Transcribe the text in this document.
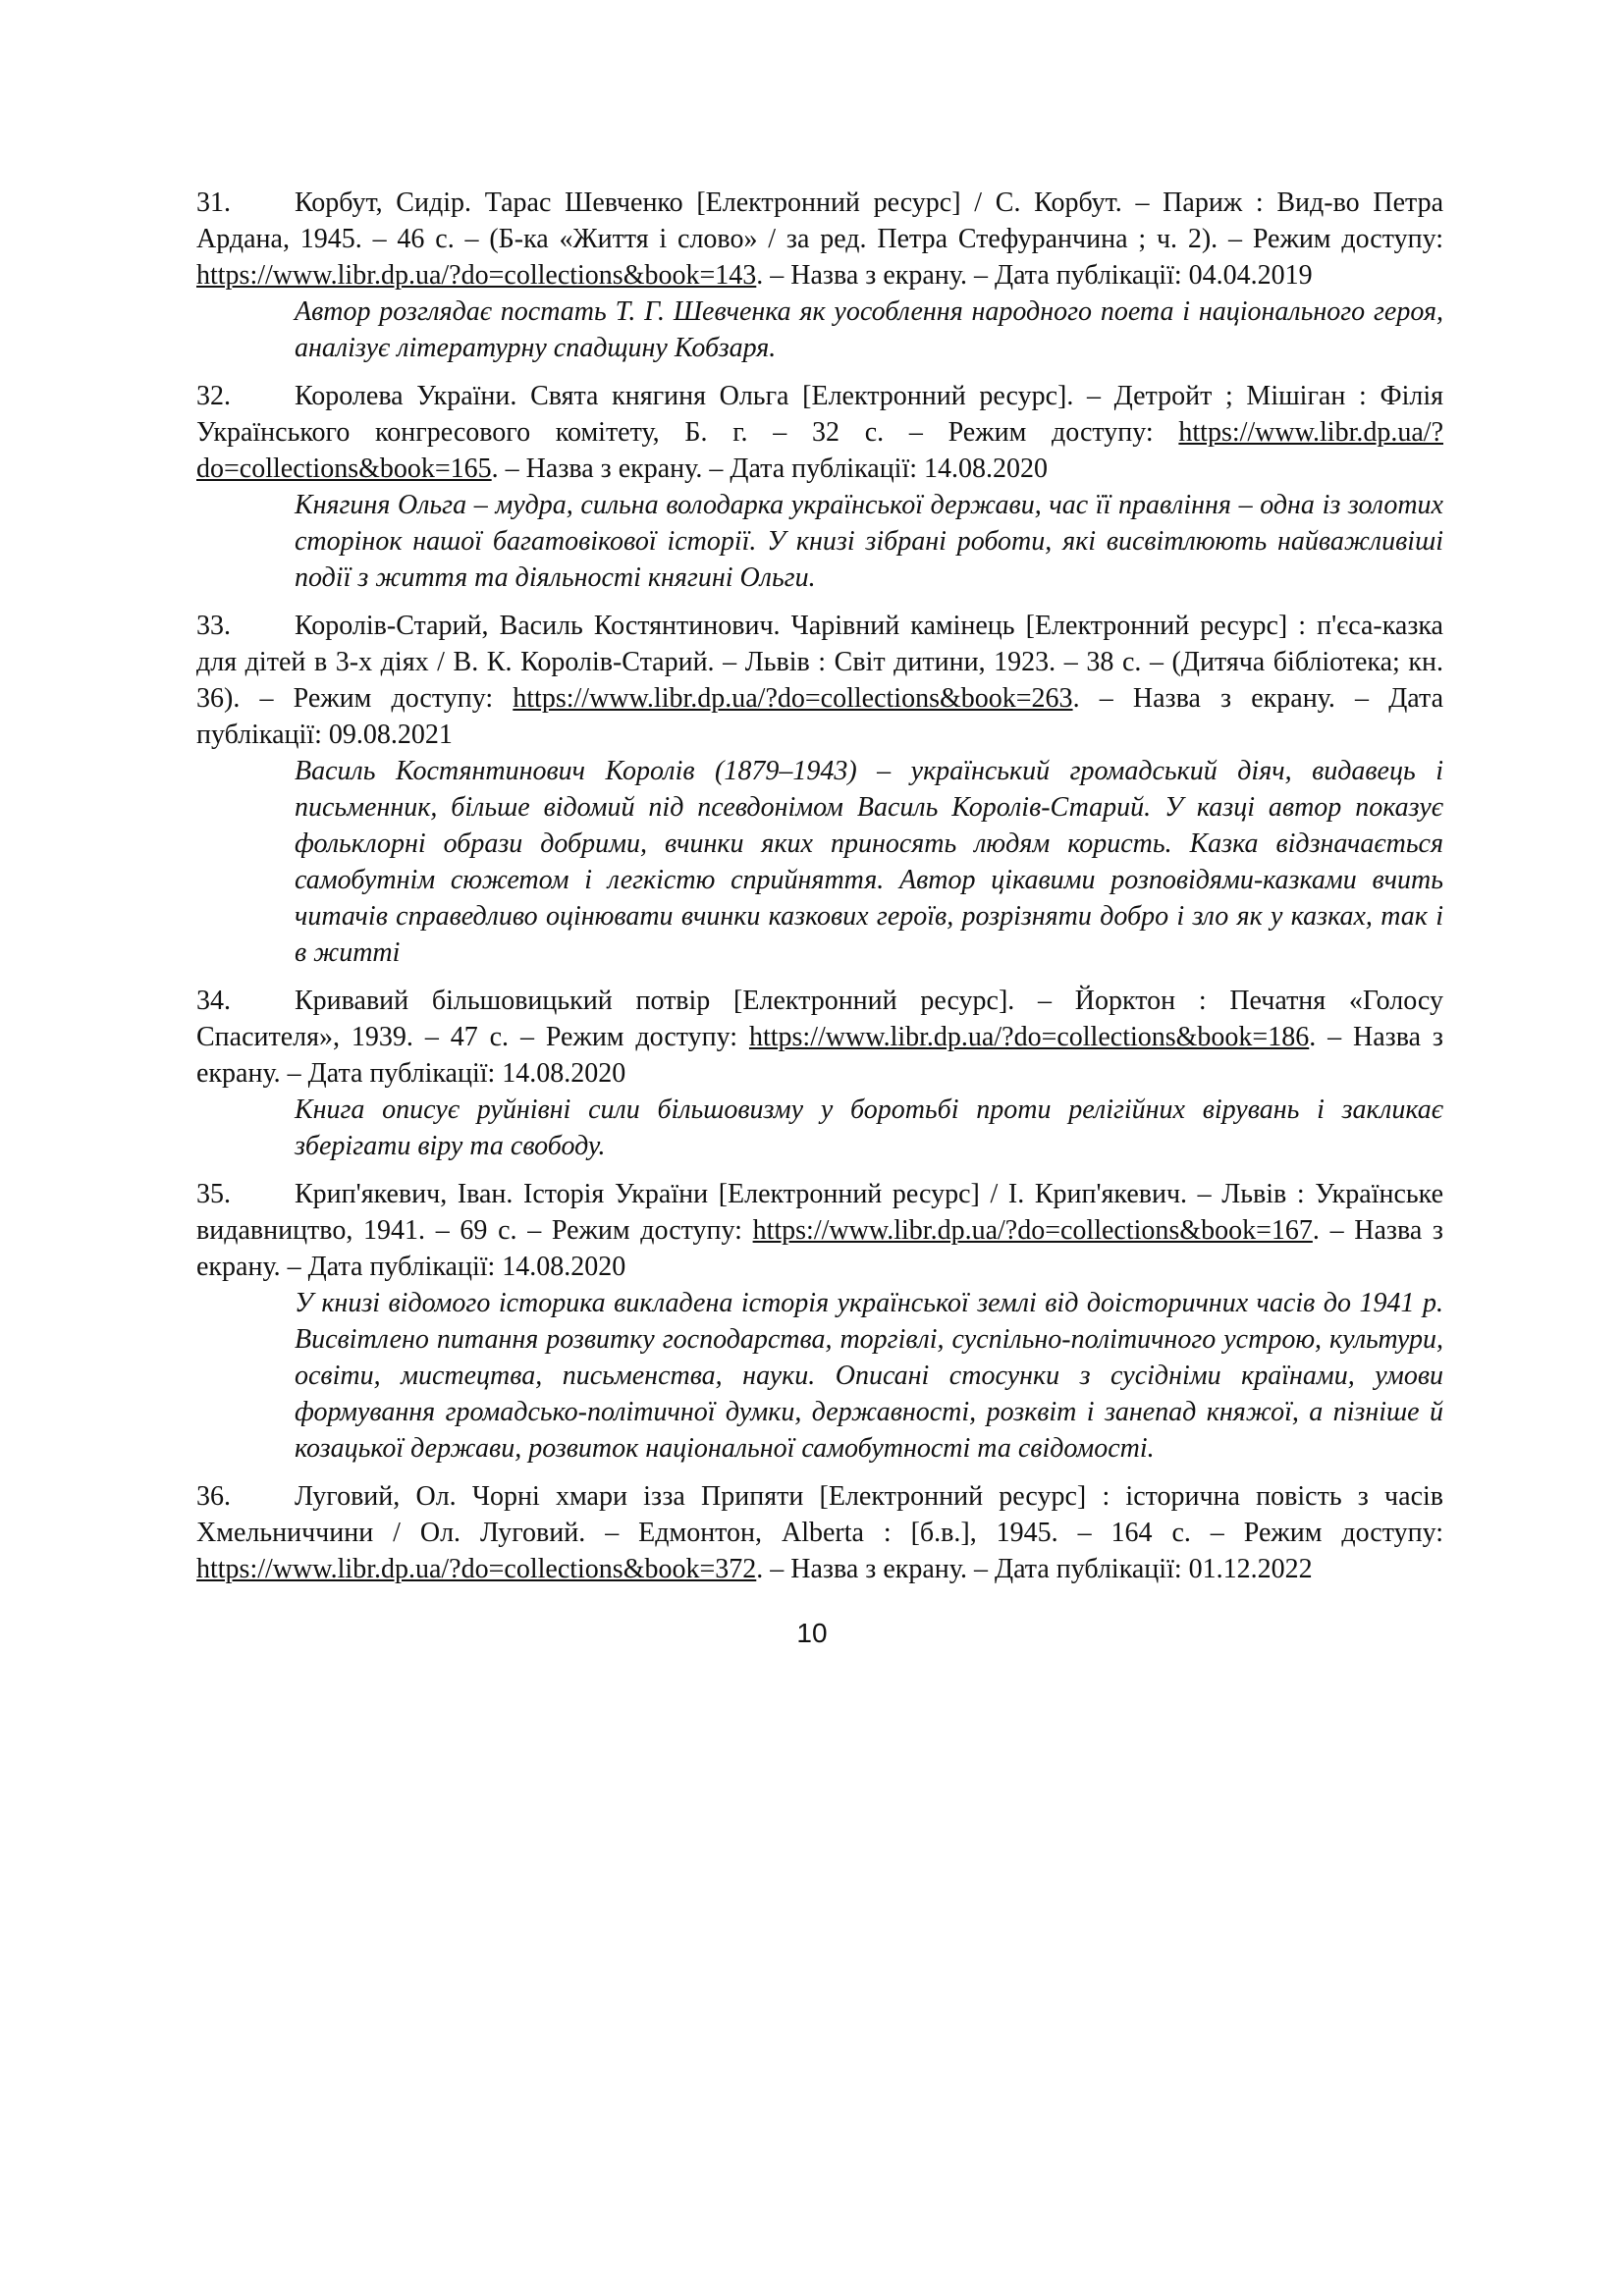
31. Корбут, Сидір. Тарас Шевченко [Електронний ресурс] / С. Корбут. – Париж : Вид-во Петра Ардана, 1945. – 46 с. – (Б-ка «Життя і слово» / за ред. Петра Стефуранчина ; ч. 2). – Режим доступу: https://www.libr.dp.ua/?do=collections&book=143. – Назва з екрану. – Дата публікації: 04.04.2019

Автор розглядає постать Т. Г. Шевченка як уособлення народного поета і національного героя, аналізує літературну спадщину Кобзаря.

32. Королева України. Свята княгиня Ольга [Електронний ресурс]. – Детройт ; Мішіган : Філія Українського конгресового комітету, Б. г. – 32 с. – Режим доступу: https://www.libr.dp.ua/?do=collections&book=165. – Назва з екрану. – Дата публікації: 14.08.2020

Княгиня Ольга – мудра, сильна володарка української держави, час її правління – одна із золотих сторінок нашої багатовікової історії. У книзі зібрані роботи, які висвітлюють найважливіші події з життя та діяльності княгині Ольги.

33. Королів-Старий, Василь Костянтинович. Чарівний камінець [Електронний ресурс] : п'єса-казка для дітей в 3-х діях / В. К. Королів-Старий. – Львів : Світ дитини, 1923. – 38 с. – (Дитяча бібліотека; кн. 36). – Режим доступу: https://www.libr.dp.ua/?do=collections&book=263. – Назва з екрану. – Дата публікації: 09.08.2021

Василь Костянтинович Королів (1879–1943) – український громадський діяч, видавець і письменник, більше відомий під псевдонімом Василь Королів-Старий. У казці автор показує фольклорні образи добрими, вчинки яких приносять людям користь. Казка відзначається самобутнім сюжетом і легкістю сприйняття. Автор цікавими розповідями-казками вчить читачів справедливо оцінювати вчинки казкових героїв, розрізняти добро і зло як у казках, так і в житті

34. Кривавий більшовицький потвір [Електронний ресурс]. – Йорктон : Печатня «Голосу Спасителя», 1939. – 47 с. – Режим доступу: https://www.libr.dp.ua/?do=collections&book=186. – Назва з екрану. – Дата публікації: 14.08.2020

Книга описує руйнівні сили більшовизму у боротьбі проти релігійних вірувань і закликає зберігати віру та свободу.

35. Крип'якевич, Іван. Історія України [Електронний ресурс] / І. Крип'якевич. – Львів : Українське видавництво, 1941. – 69 с. – Режим доступу: https://www.libr.dp.ua/?do=collections&book=167. – Назва з екрану. – Дата публікації: 14.08.2020

У книзі відомого історика викладена історія української землі від доісторичних часів до 1941 р. Висвітлено питання розвитку господарства, торгівлі, суспільно-політичного устрою, культури, освіти, мистецтва, письменства, науки. Описані стосунки з сусідніми країнами, умови формування громадсько-політичної думки, державності, розквіт і занепад княжої, а пізніше й козацької держави, розвиток національної самобутності та свідомості.

36. Луговий, Ол. Чорні хмари ізза Припяти [Електронний ресурс] : історична повість з часів Хмельниччини / Ол. Луговий. – Едмонтон, Alberta : [б.в.], 1945. – 164 с. – Режим доступу: https://www.libr.dp.ua/?do=collections&book=372. – Назва з екрану. – Дата публікації: 01.12.2022

10
